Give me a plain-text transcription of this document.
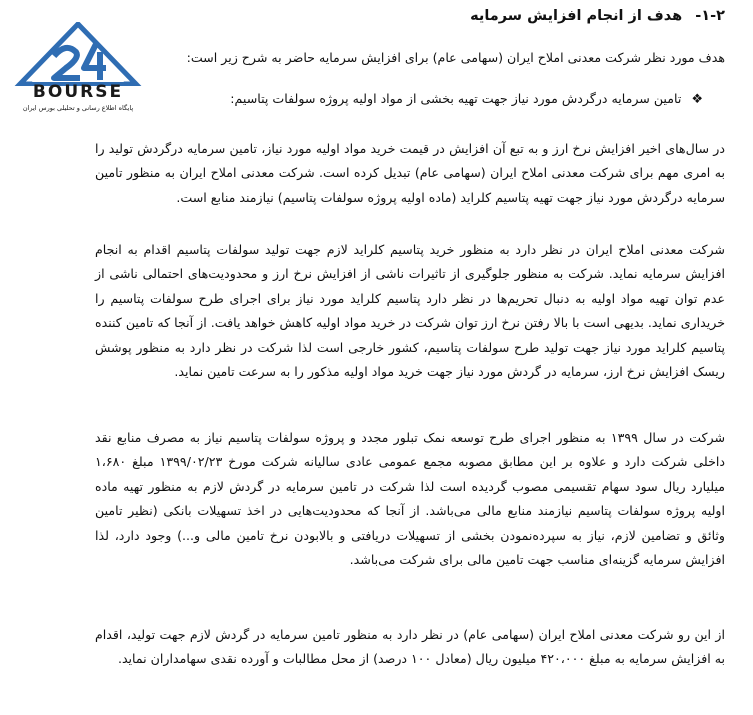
BOURSE
پایگاه اطلاع رسانی و تحلیلی بورس ایران
۱-۲- هدف از انجام افزایش سرمایه
هدف مورد نظر شرکت معدنی املاح ایران (سهامی عام) برای افزایش سرمایه حاضر به شرح زیر است:
❖ تامین سرمایه درگردش مورد نیاز جهت تهیه بخشی از مواد اولیه پروژه سولفات پتاسیم:

در سال‌های اخیر افزایش نرخ ارز و به تبع آن افزایش در قیمت خرید مواد اولیه مورد نیاز، تامین سرمایه درگردش تولید را به امری مهم برای شرکت معدنی املاح ایران (سهامی عام) تبدیل کرده است. شرکت معدنی املاح ایران به منظور تامین سرمایه درگردش مورد نیاز جهت تهیه پتاسیم کلراید (ماده اولیه پروژه سولفات پتاسیم) نیازمند منابع است.

شرکت معدنی املاح ایران در نظر دارد به منظور خرید پتاسیم کلراید لازم جهت تولید سولفات پتاسیم اقدام به انجام افزایش سرمایه نماید. شرکت به منظور جلوگیری از تاثیرات ناشی از افزایش نرخ ارز و محدودیت‌های احتمالی ناشی از عدم توان تهیه مواد اولیه به دنبال تحریم‌ها در نظر دارد پتاسیم کلراید مورد نیاز برای اجرای طرح سولفات پتاسیم را خریداری نماید. بدیهی است با بالا رفتن نرخ ارز توان شرکت در خرید مواد اولیه کاهش خواهد یافت. از آنجا که تامین کننده پتاسیم کلراید مورد نیاز جهت تولید طرح سولفات پتاسیم، کشور خارجی است لذا شرکت در نظر دارد به منظور پوشش ریسک افزایش نرخ ارز، سرمایه در گردش مورد نیاز جهت خرید مواد اولیه مذکور را به سرعت تامین نماید.

شرکت در سال ۱۳۹۹ به منظور اجرای طرح توسعه نمک تبلور مجدد و پروژه سولفات پتاسیم نیاز به مصرف منابع نقد داخلی شرکت دارد و علاوه بر این مطابق مصوبه مجمع عمومی عادی سالیانه شرکت مورخ ۱۳۹۹/۰۲/۲۳ مبلغ ۱،۶۸۰ میلیارد ریال سود سهام تقسیمی مصوب گردیده است لذا شرکت در تامین سرمایه در گردش لازم به منظور تهیه ماده اولیه پروژه سولفات پتاسیم نیازمند منابع مالی می‌باشد. از آنجا که محدودیت‌هایی در اخذ تسهیلات بانکی (نظیر تامین وثائق و تضامین لازم، نیاز به سپرده‌نمودن بخشی از تسهیلات دریافتی و بالابودن نرخ تامین مالی و...) وجود دارد، لذا افزایش سرمایه گزینه‌ای مناسب جهت تامین مالی برای شرکت می‌باشد.

از این رو شرکت معدنی املاح ایران (سهامی عام) در نظر دارد به منظور تامین سرمایه در گردش لازم جهت تولید، اقدام به افزایش سرمایه به مبلغ ۴۲۰،۰۰۰ میلیون ریال (معادل ۱۰۰ درصد) از محل مطالبات و آورده نقدی سهامداران نماید.
